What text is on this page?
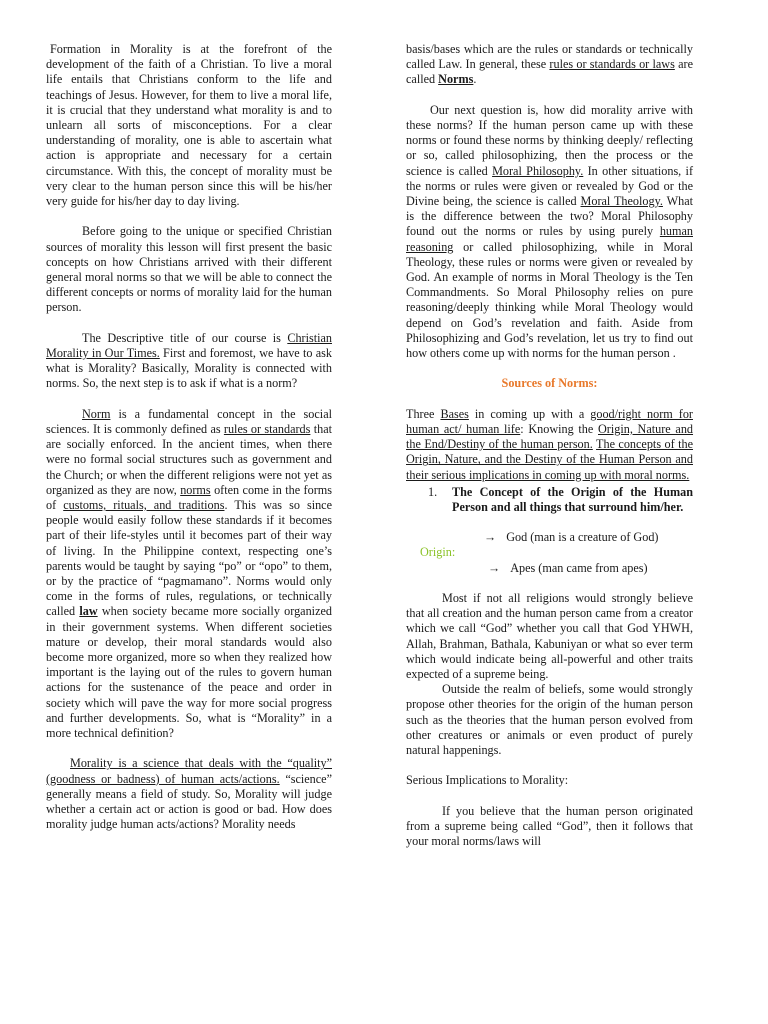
Formation in Morality is at the forefront of the development of the faith of a Christian. To live a moral life entails that Christians conform to the life and teachings of Jesus. However, for them to live a moral life, it is crucial that they understand what morality is and to unlearn all sorts of misconceptions. For a clear understanding of morality, one is able to ascertain what action is appropriate and necessary for a certain circumstance. With this, the concept of morality must be very clear to the human person since this will be his/her very guide for his/her day to day living.

Before going to the unique or specified Christian sources of morality this lesson will first present the basic concepts on how Christians arrived with their different general moral norms so that we will be able to connect the different concepts or norms of morality laid for the human person.

The Descriptive title of our course is Christian Morality in Our Times. First and foremost, we have to ask what is Morality? Basically, Morality is connected with norms. So, the next step is to ask if what is a norm?

Norm is a fundamental concept in the social sciences. It is commonly defined as rules or standards that are socially enforced. In the ancient times, when there were no formal social structures such as government and the Church; or when the different religions were not yet as organized as they are now, norms often come in the forms of customs, rituals, and traditions. This was so since people would easily follow these standards if it becomes part of their life-styles until it becomes part of their way of living. In the Philippine context, respecting one’s parents would be taught by saying “po” or “opo” to them, or by the practice of “pagmamano”. Norms would only come in the forms of rules, regulations, or technically called law when society became more socially organized in their government systems. When different societies mature or develop, their moral standards would also become more organized, more so when they realized how important is the laying out of the rules to govern human actions for the sustenance of the peace and order in society which will pave the way for more social progress and further developments. So, what is “Morality” in a more technical definition?

Morality is a science that deals with the “quality” (goodness or badness) of human acts/actions. “science” generally means a field of study. So, Morality will judge whether a certain act or action is good or bad. How does morality judge human acts/actions? Morality needs

basis/bases which are the rules or standards or technically called Law. In general, these rules or standards or laws are called Norms.

Our next question is, how did morality arrive with these norms? If the human person came up with these norms or found these norms by thinking deeply/ reflecting or so, called philosophizing, then the process or the science is called Moral Philosophy. In other situations, if the norms or rules were given or revealed by God or the Divine being, the science is called Moral Theology. What is the difference between the two? Moral Philosophy found out the norms or rules by using purely human reasoning or called philosophizing, while in Moral Theology, these rules or norms were given or revealed by God. An example of norms in Moral Theology is the Ten Commandments. So Moral Philosophy relies on pure reasoning/deeply thinking while Moral Theology would depend on God’s revelation and faith. Aside from Philosophizing and God’s revelation, let us try to find out how others come up with norms for the human person .

Sources of Norms:

Three Bases in coming up with a good/right norm for human act/ human life: Knowing the Origin, Nature and the End/Destiny of the human person. The concepts of the Origin, Nature, and the Destiny of the Human Person and their serious implications in coming up with moral norms.

1.	The Concept of the Origin of the Human Person and all things that surround him/her.

→ God (man is a creature of God)

Origin:

→ Apes (man came from apes)

Most if not all religions would strongly believe that all creation and the human person came from a creator which we call “God” whether you call that God YHWH, Allah, Brahman, Bathala, Kabuniyan or what so ever term which would indicate being all-powerful and other traits expected of a supreme being.

Outside the realm of beliefs, some would strongly propose other theories for the origin of the human person such as the theories that the human person evolved from other creatures or animals or even product of purely natural happenings.

Serious Implications to Morality:

If you believe that the human person originated from a supreme being called “God”, then it follows that your moral norms/laws will
